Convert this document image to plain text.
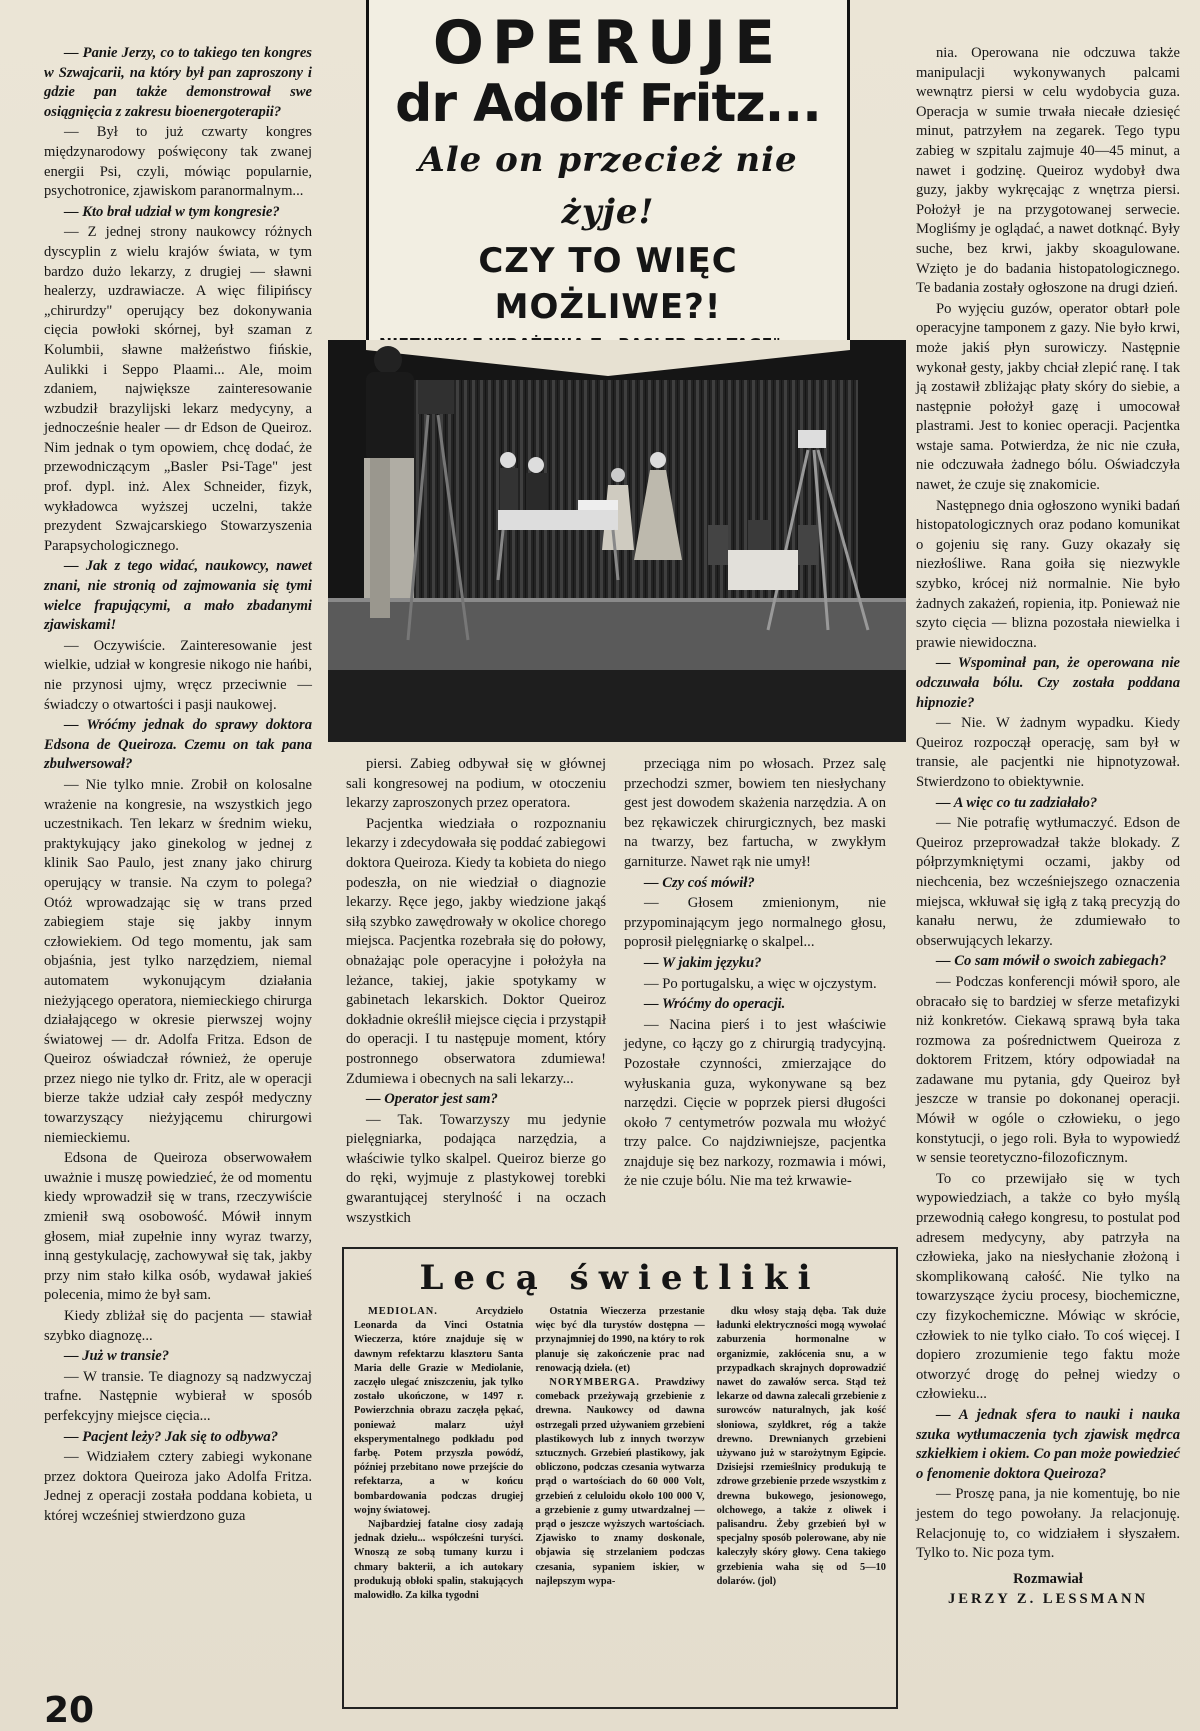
— Panie Jerzy, co to takiego ten kongres w Szwajcarii, na który był pan zaproszony i gdzie pan także demonstrował swe osiągnięcia z zakresu bioenergoterapii?

— Był to już czwarty kongres międzynarodowy poświęcony tak zwanej energii Psi, czyli, mówiąc popularnie, psychotronice, zjawiskom paranormalnym...

— Kto brał udział w tym kongresie?

— Z jednej strony naukowcy różnych dyscyplin z wielu krajów świata, w tym bardzo dużo lekarzy, z drugiej — sławni healerzy, uzdrawiacze. A więc filipińscy „chirurdzy" operujący bez dokonywania cięcia powłoki skórnej, był szaman z Kolumbii, sławne małżeństwo fińskie, Aulikki i Seppo Plaami... Ale, moim zdaniem, największe zainteresowanie wzbudził brazylijski lekarz medycyny, a jednocześnie healer — dr Edson de Queiroz. Nim jednak o tym opowiem, chcę dodać, że przewodniczącym „Basler Psi-Tage" jest prof. dypl. inż. Alex Schneider, fizyk, wykładowca wyższej uczelni, także prezydent Szwajcarskiego Stowarzyszenia Parapsychologicznego.

— Jak z tego widać, naukowcy, nawet znani, nie stronią od zajmowania się tymi wielce frapującymi, a mało zbadanymi zjawiskami!

— Oczywiście. Zainteresowanie jest wielkie, udział w kongresie nikogo nie hańbi, nie przynosi ujmy, wręcz przeciwnie — świadczy o otwartości i pasji naukowej.

— Wróćmy jednak do sprawy doktora Edsona de Queiroza. Czemu on tak pana zbulwersował?

— Nie tylko mnie. Zrobił on kolosalne wrażenie na kongresie, na wszystkich jego uczestnikach. Ten lekarz w średnim wieku, praktykujący jako ginekolog w jednej z klinik Sao Paulo, jest znany jako chirurg operujący w transie. Na czym to polega? Otóż wprowadzając się w trans przed zabiegiem staje się jakby innym człowiekiem. Od tego momentu, jak sam objaśnia, jest tylko narzędziem, niemal automatem wykonującym działania nieżyjącego operatora, niemieckiego chirurga działającego w okresie pierwszej wojny światowej — dr. Adolfa Fritza. Edson de Queiroz oświadczał również, że operuje przez niego nie tylko dr. Fritz, ale w operacji bierze także udział cały zespół medyczny towarzyszący nieżyjącemu chirurgowi niemieckiemu.

Edsona de Queiroza obserwowałem uważnie i muszę powiedzieć, że od momentu kiedy wprowadził się w trans, rzeczywiście zmienił swą osobowość. Mówił innym głosem, miał zupełnie inny wyraz twarzy, inną gestykulację, zachowywał się tak, jakby przy nim stało kilka osób, wydawał jakieś polecenia, mimo że był sam.

Kiedy zbliżał się do pacjenta — stawiał szybko diagnozę...

— Już w transie?

— W transie. Te diagnozy są nadzwyczaj trafne. Następnie wybierał w sposób perfekcyjny miejsce cięcia...

— Pacjent leży? Jak się to odbywa?

— Widziałem cztery zabiegi wykonane przez doktora Queiroza jako Adolfa Fritza. Jednej z operacji została poddana kobieta, u której wcześniej stwierdzono guza

OPERUJE
dr Adolf Fritz...
Ale on przecież nie żyje!
CZY TO WIĘC MOŻLIWE?!

piersi. Zabieg odbywał się w głównej sali kongresowej na podium, w otoczeniu lekarzy zaproszonych przez operatora.

Pacjentka wiedziała o rozpoznaniu lekarzy i zdecydowała się poddać zabiegowi doktora Queiroza. Kiedy ta kobieta do niego podeszła, on nie wiedział o diagnozie lekarzy. Ręce jego, jakby wiedzione jakąś siłą szybko zawędrowały w okolice chorego miejsca. Pacjentka rozebrała się do połowy, obnażając pole operacyjne i położyła na leżance, takiej, jakie spotykamy w gabinetach lekarskich. Doktor Queiroz dokładnie określił miejsce cięcia i przystąpił do operacji. I tu następuje moment, który postronnego obserwatora zdumiewa! Zdumiewa i obecnych na sali lekarzy...

— Operator jest sam?

— Tak. Towarzyszy mu jedynie pielęgniarka, podająca narzędzia, a właściwie tylko skalpel. Queiroz bierze go do ręki, wyjmuje z plastykowej torebki gwarantującej sterylność i na oczach wszystkich

przeciąga nim po włosach. Przez salę przechodzi szmer, bowiem ten niesłychany gest jest dowodem skażenia narzędzia. A on bez rękawiczek chirurgicznych, bez maski na twarzy, bez fartucha, w zwykłym garniturze. Nawet rąk nie umył!

— Czy coś mówił?

— Głosem zmienionym, nie przypominającym jego normalnego głosu, poprosił pielęgniarkę o skalpel...

— W jakim języku?

— Po portugalsku, a więc w ojczystym.

— Wróćmy do operacji.

— Nacina pierś i to jest właściwie jedyne, co łączy go z chirurgią tradycyjną. Pozostałe czynności, zmierzające do wyłuskania guza, wykonywane są bez narzędzi. Cięcie w poprzek piersi długości około 7 centymetrów pozwala mu włożyć trzy palce. Co najdziwniejsze, pacjentka znajduje się bez narkozy, rozmawia i mówi, że nie czuje bólu. Nie ma też krwawie-

nia. Operowana nie odczuwa także manipulacji wykonywanych palcami wewnątrz piersi w celu wydobycia guza. Operacja w sumie trwała niecałe dziesięć minut, patrzyłem na zegarek. Tego typu zabieg w szpitalu zajmuje 40—45 minut, a nawet i godzinę. Queiroz wydobył dwa guzy, jakby wykręcając z wnętrza piersi. Położył je na przygotowanej serwecie. Mogliśmy je oglądać, a nawet dotknąć. Były suche, bez krwi, jakby skoagulowane. Wzięto je do badania histopatologicznego. Te badania zostały ogłoszone na drugi dzień.

Po wyjęciu guzów, operator obtarł pole operacyjne tamponem z gazy. Nie było krwi, może jakiś płyn surowiczy. Następnie wykonał gesty, jakby chciał zlepić ranę. I tak ją zostawił zbliżając płaty skóry do siebie, a następnie położył gazę i umocował plastrami. Jest to koniec operacji. Pacjentka wstaje sama. Potwierdza, że nic nie czuła, nie odczuwała żadnego bólu. Oświadczyła nawet, że czuje się znakomicie.

Następnego dnia ogłoszono wyniki badań histopatologicznych oraz podano komunikat o gojeniu się rany. Guzy okazały się niezłośliwe. Rana goiła się niezwykle szybko, krócej niż normalnie. Nie było żadnych zakażeń, ropienia, itp. Ponieważ nie szyto cięcia — blizna pozostała niewielka i prawie niewidoczna.

— Wspominał pan, że operowana nie odczuwała bólu. Czy została poddana hipnozie?

— Nie. W żadnym wypadku. Kiedy Queiroz rozpoczął operację, sam był w transie, ale pacjentki nie hipnotyzował. Stwierdzono to obiektywnie.

— A więc co tu zadziałało?

— Nie potrafię wytłumaczyć. Edson de Queiroz przeprowadzał także blokady. Z półprzymkniętymi oczami, jakby od niechcenia, bez wcześniejszego oznaczenia miejsca, wkłuwał się igłą z taką precyzją do kanału nerwu, że zdumiewało to obserwujących lekarzy.

— Co sam mówił o swoich zabiegach?

— Podczas konferencji mówił sporo, ale obracało się to bardziej w sferze metafizyki niż konkretów. Ciekawą sprawą była taka rozmowa za pośrednictwem Queiroza z doktorem Fritzem, który odpowiadał na zadawane mu pytania, gdy Queiroz był jeszcze w transie po dokonanej operacji. Mówił w ogóle o człowieku, o jego konstytucji, o jego roli. Była to wypowiedź w sensie teoretyczno-filozoficznym.

To co przewijało się w tych wypowiedziach, a także co było myślą przewodnią całego kongresu, to postulat pod adresem medycyny, aby patrzyła na człowieka, jako na niesłychanie złożoną i skomplikowaną całość. Nie tylko na towarzyszące życiu procesy, biochemiczne, czy fizykochemiczne. Mówiąc w skrócie, człowiek to nie tylko ciało. To coś więcej. I dopiero zrozumienie tego faktu może otworzyć drogę do pełnej wiedzy o człowieku...

— A jednak sfera to nauki i nauka szuka wytłumaczenia tych zjawisk mędrca szkiełkiem i okiem. Co pan może powiedzieć o fenomenie doktora Queiroza?

— Proszę pana, ja nie komentuję, bo nie jestem do tego powołany. Ja relacjonuję. Relacjonuję to, co widziałem i słyszałem. Tylko to. Nic poza tym.

Rozmawiał

JERZY Z. LESSMANN

Lecą świetliki

MEDIOLAN.	Arcydzieło Leonarda da Vinci Ostatnia Wieczerza, które znajduje się w dawnym refektarzu klasztoru Santa Maria delle Grazie w Mediolanie, zaczęło ulegać zniszczeniu, jak tylko zostało ukończone, w 1497 r. Powierzchnia obrazu zaczęła pękać, ponieważ malarz użył eksperymentalnego podkładu pod farbę. Potem przyszła powódź, później przebitano nowe przejście do refektarza, a w końcu bombardowania podczas drugiej wojny światowej.

Najbardziej fatalne ciosy zadają jednak dziełu... współcześni turyści. Wnoszą ze sobą tumany kurzu i chmary bakterii, a ich autokary produkują obłoki spalin, stakujących malowidło. Za kilka tygodni

Ostatnia Wieczerza przestanie więc być dla turystów dostępna — przynajmniej do 1990, na który to rok planuje się zakończenie prac nad renowacją dzieła. (et)

NORYMBERGA. Prawdziwy comeback przeżywają grzebienie z drewna. Naukowcy od dawna ostrzegali przed używaniem grzebieni plastikowych lub z innych tworzyw sztucznych. Grzebień plastikowy, jak obliczono, podczas czesania wytwarza prąd o wartościach do 60 000 Volt, grzebień z celuloidu około 100 000 V, a grzebienie z gumy utwardzalnej — prąd o jeszcze wyższych wartościach. Zjawisko to znamy doskonale, objawia się strzelaniem podczas czesania, sypaniem iskier, w najlepszym wypa-

dku włosy stają dęba. Tak duże ładunki elektryczności mogą wywołać zaburzenia hormonalne w organizmie, zakłócenia snu, a w przypadkach skrajnych doprowadzić nawet do zawałów serca. Stąd też lekarze od dawna zalecali grzebienie z surowców naturalnych, jak kość słoniowa, szyldkret, róg a także drewno. Drewnianych grzebieni używano już w starożytnym Egipcie. Dzisiejsi rzemieślnicy produkują te zdrowe grzebienie przede wszystkim z drewna bukowego, jesionowego, olchowego, a także z oliwek i palisandru. Żeby grzebień był w specjalny sposób polerowane, aby nie kaleczyły skóry głowy. Cena takiego grzebienia waha się od 5—10 dolarów. (jol)

20
